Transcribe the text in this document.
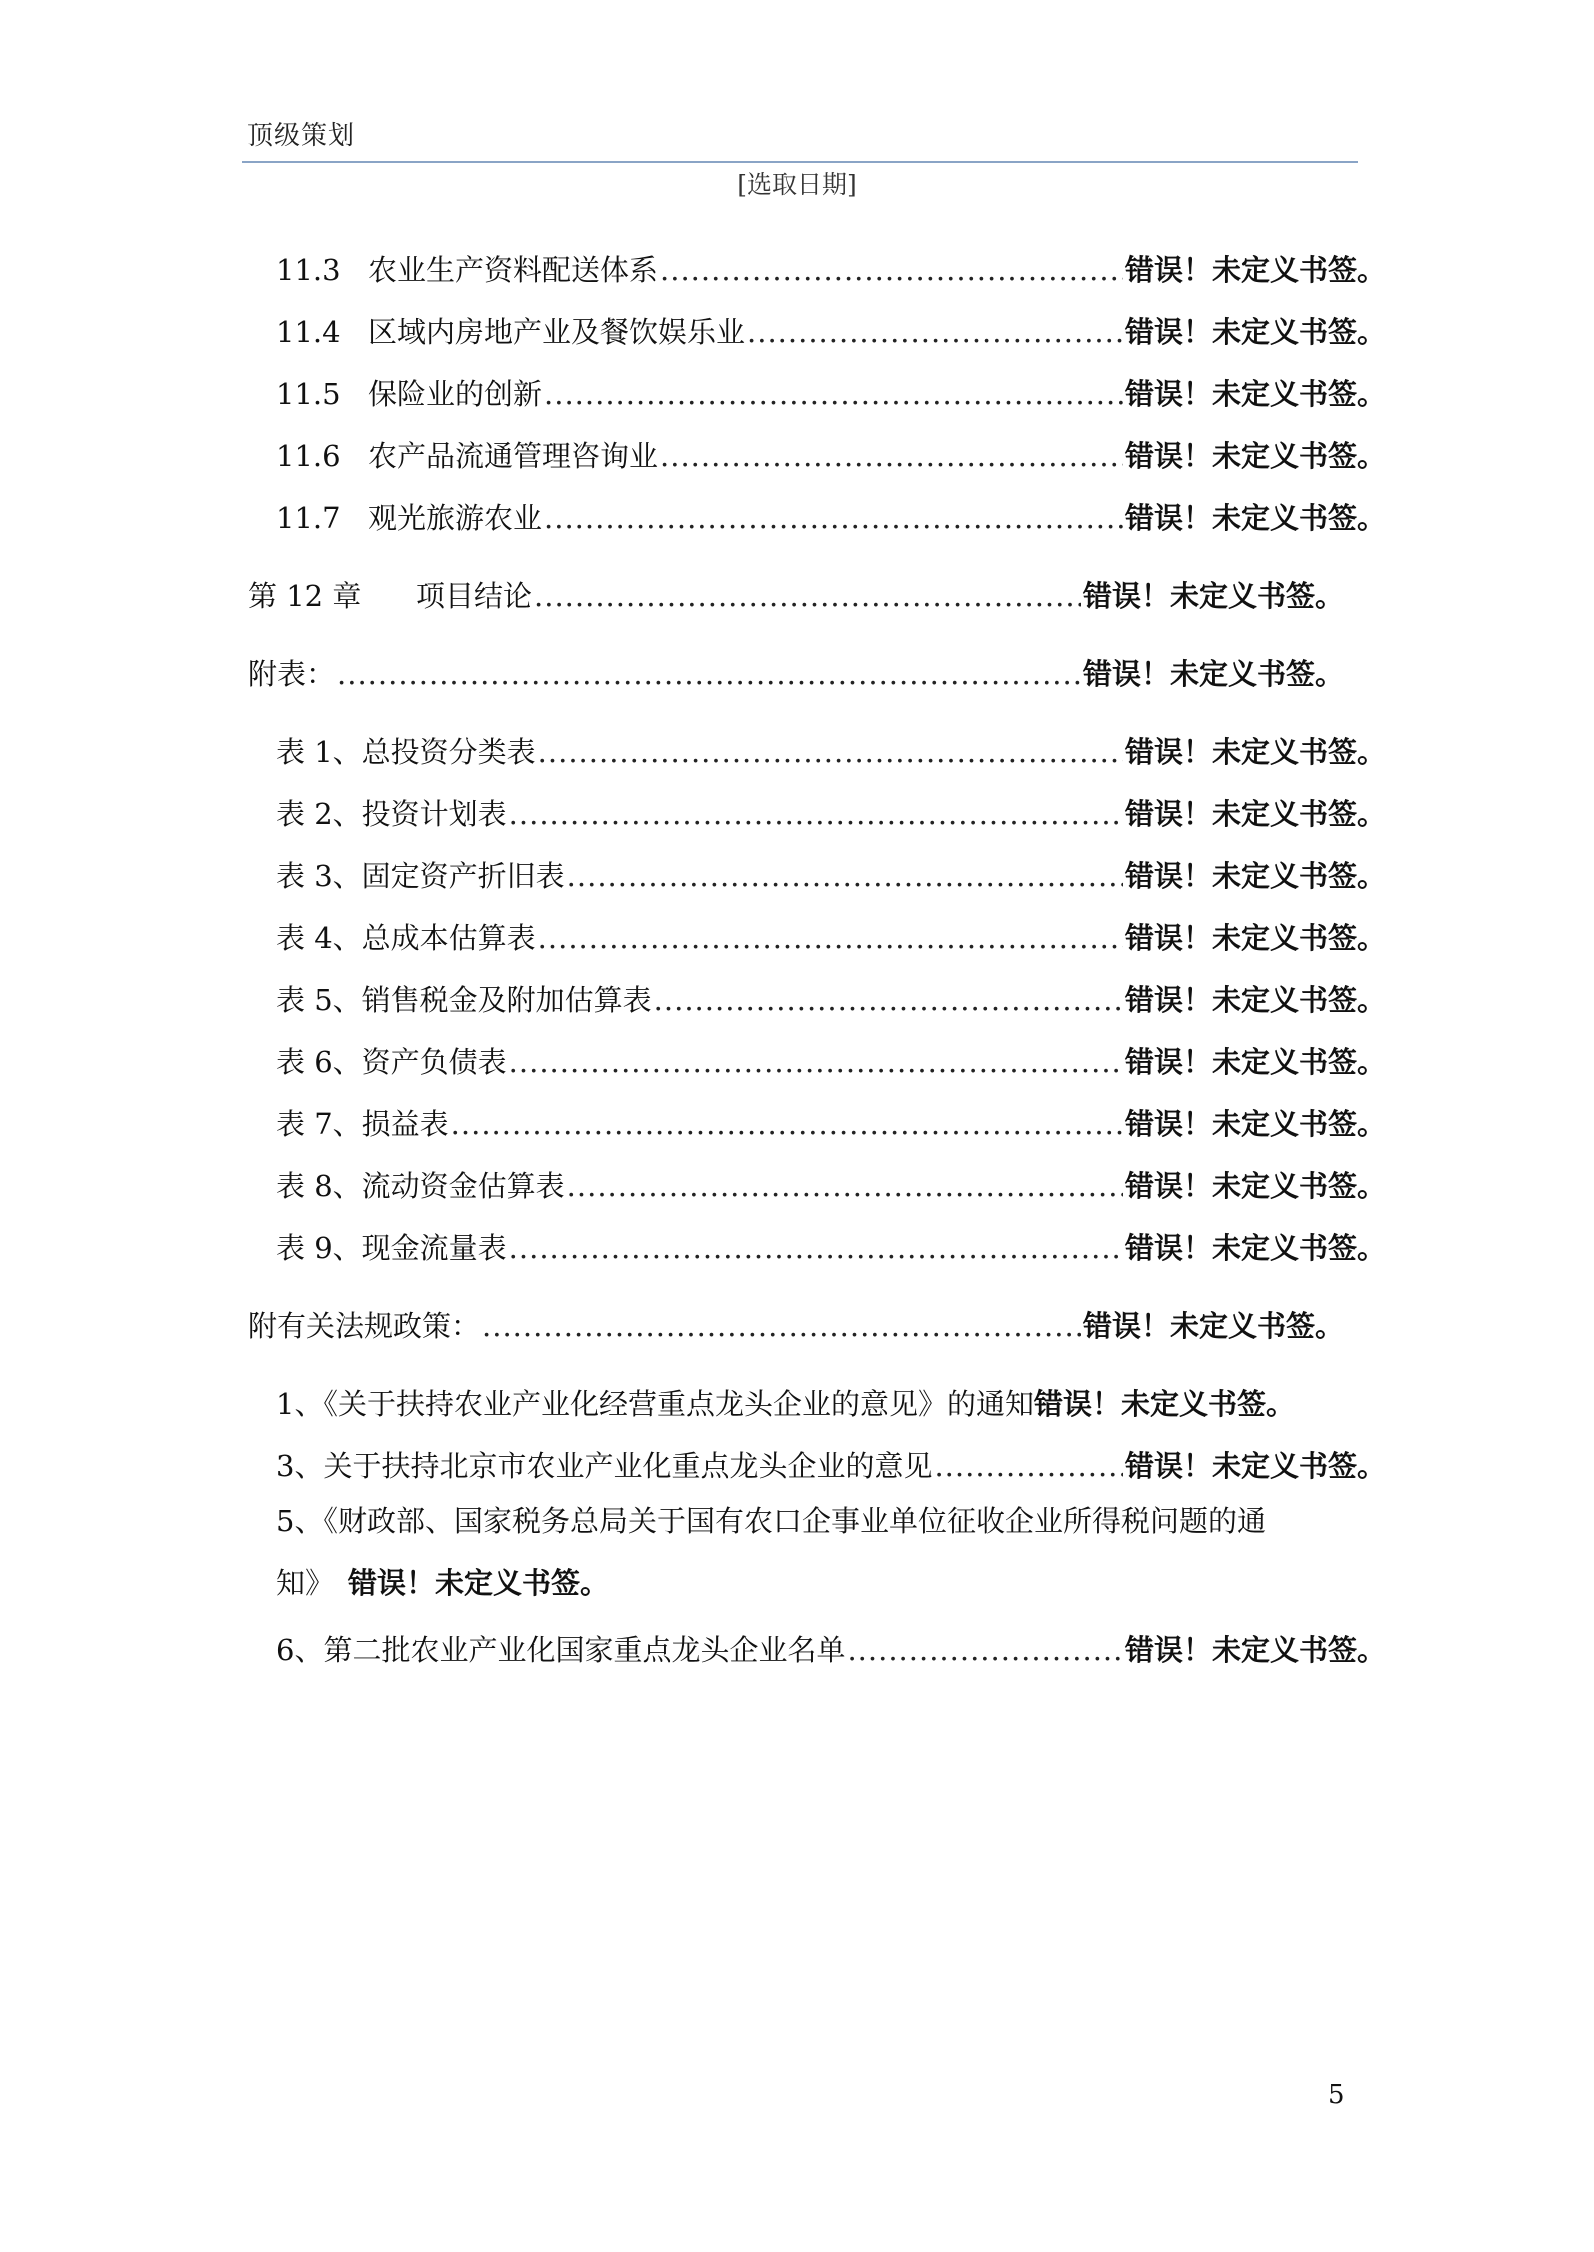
顶级策划
[选取日期]
11.3 农业生产资料配送体系 .....	错误！未定义书签。
11.4 区域内房地产业及餐饮娱乐业 .....	错误！未定义书签。
11.5 保险业的创新 .....	错误！未定义书签。
11.6 农产品流通管理咨询业 .....	错误！未定义书签。
11.7 观光旅游农业 .....	错误！未定义书签。
第 12 章 项目结论 .....	错误！未定义书签。
附表： .....	错误！未定义书签。
表 1、总投资分类表 .....	错误！未定义书签。
表 2、投资计划表 .....	错误！未定义书签。
表 3、固定资产折旧表 .....	错误！未定义书签。
表 4、总成本估算表 .....	错误！未定义书签。
表 5、销售税金及附加估算表 .....	错误！未定义书签。
表 6、资产负债表 .....	错误！未定义书签。
表 7、损益表 .....	错误！未定义书签。
表 8、流动资金估算表 .....	错误！未定义书签。
表 9、现金流量表 .....	错误！未定义书签。
附有关法规政策： .....	错误！未定义书签。
1、《关于扶持农业产业化经营重点龙头企业的意见》的通知 错误！未定义书签。
3、关于扶持北京市农业产业化重点龙头企业的意见 .....	错误！未定义书签。
5、《财政部、国家税务总局关于国有农口企事业单位征收企业所得税问题的通
知》 错误！未定义书签。
6、第二批农业产业化国家重点龙头企业名单 .....	错误！未定义书签。
5
